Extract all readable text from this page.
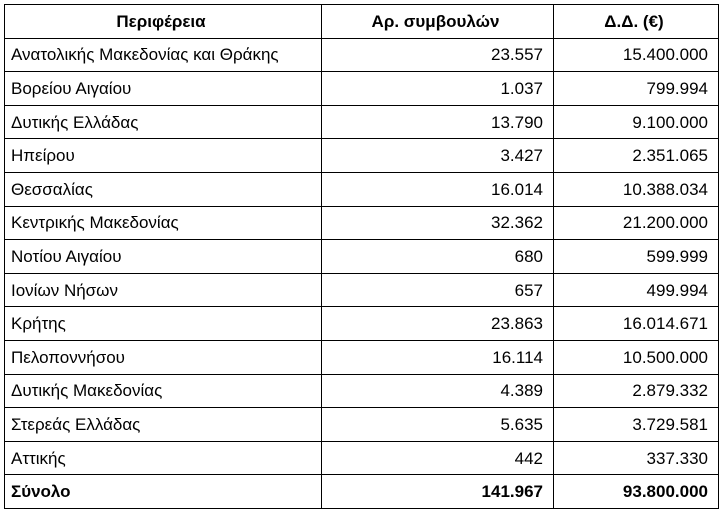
Περιφέρεια	Αρ. συμβουλών	Δ.Δ. (€)
Ανατολικής Μακεδονίας και Θράκης	23.557	15.400.000
Βορείου Αιγαίου	1.037	799.994
Δυτικής Ελλάδας	13.790	9.100.000
Ηπείρου	3.427	2.351.065
Θεσσαλίας	16.014	10.388.034
Κεντρικής Μακεδονίας	32.362	21.200.000
Νοτίου Αιγαίου	680	599.999
Ιονίων Νήσων	657	499.994
Κρήτης	23.863	16.014.671
Πελοποννήσου	16.114	10.500.000
Δυτικής Μακεδονίας	4.389	2.879.332
Στερεάς Ελλάδας	5.635	3.729.581
Αττικής	442	337.330
Σύνολο	141.967	93.800.000
